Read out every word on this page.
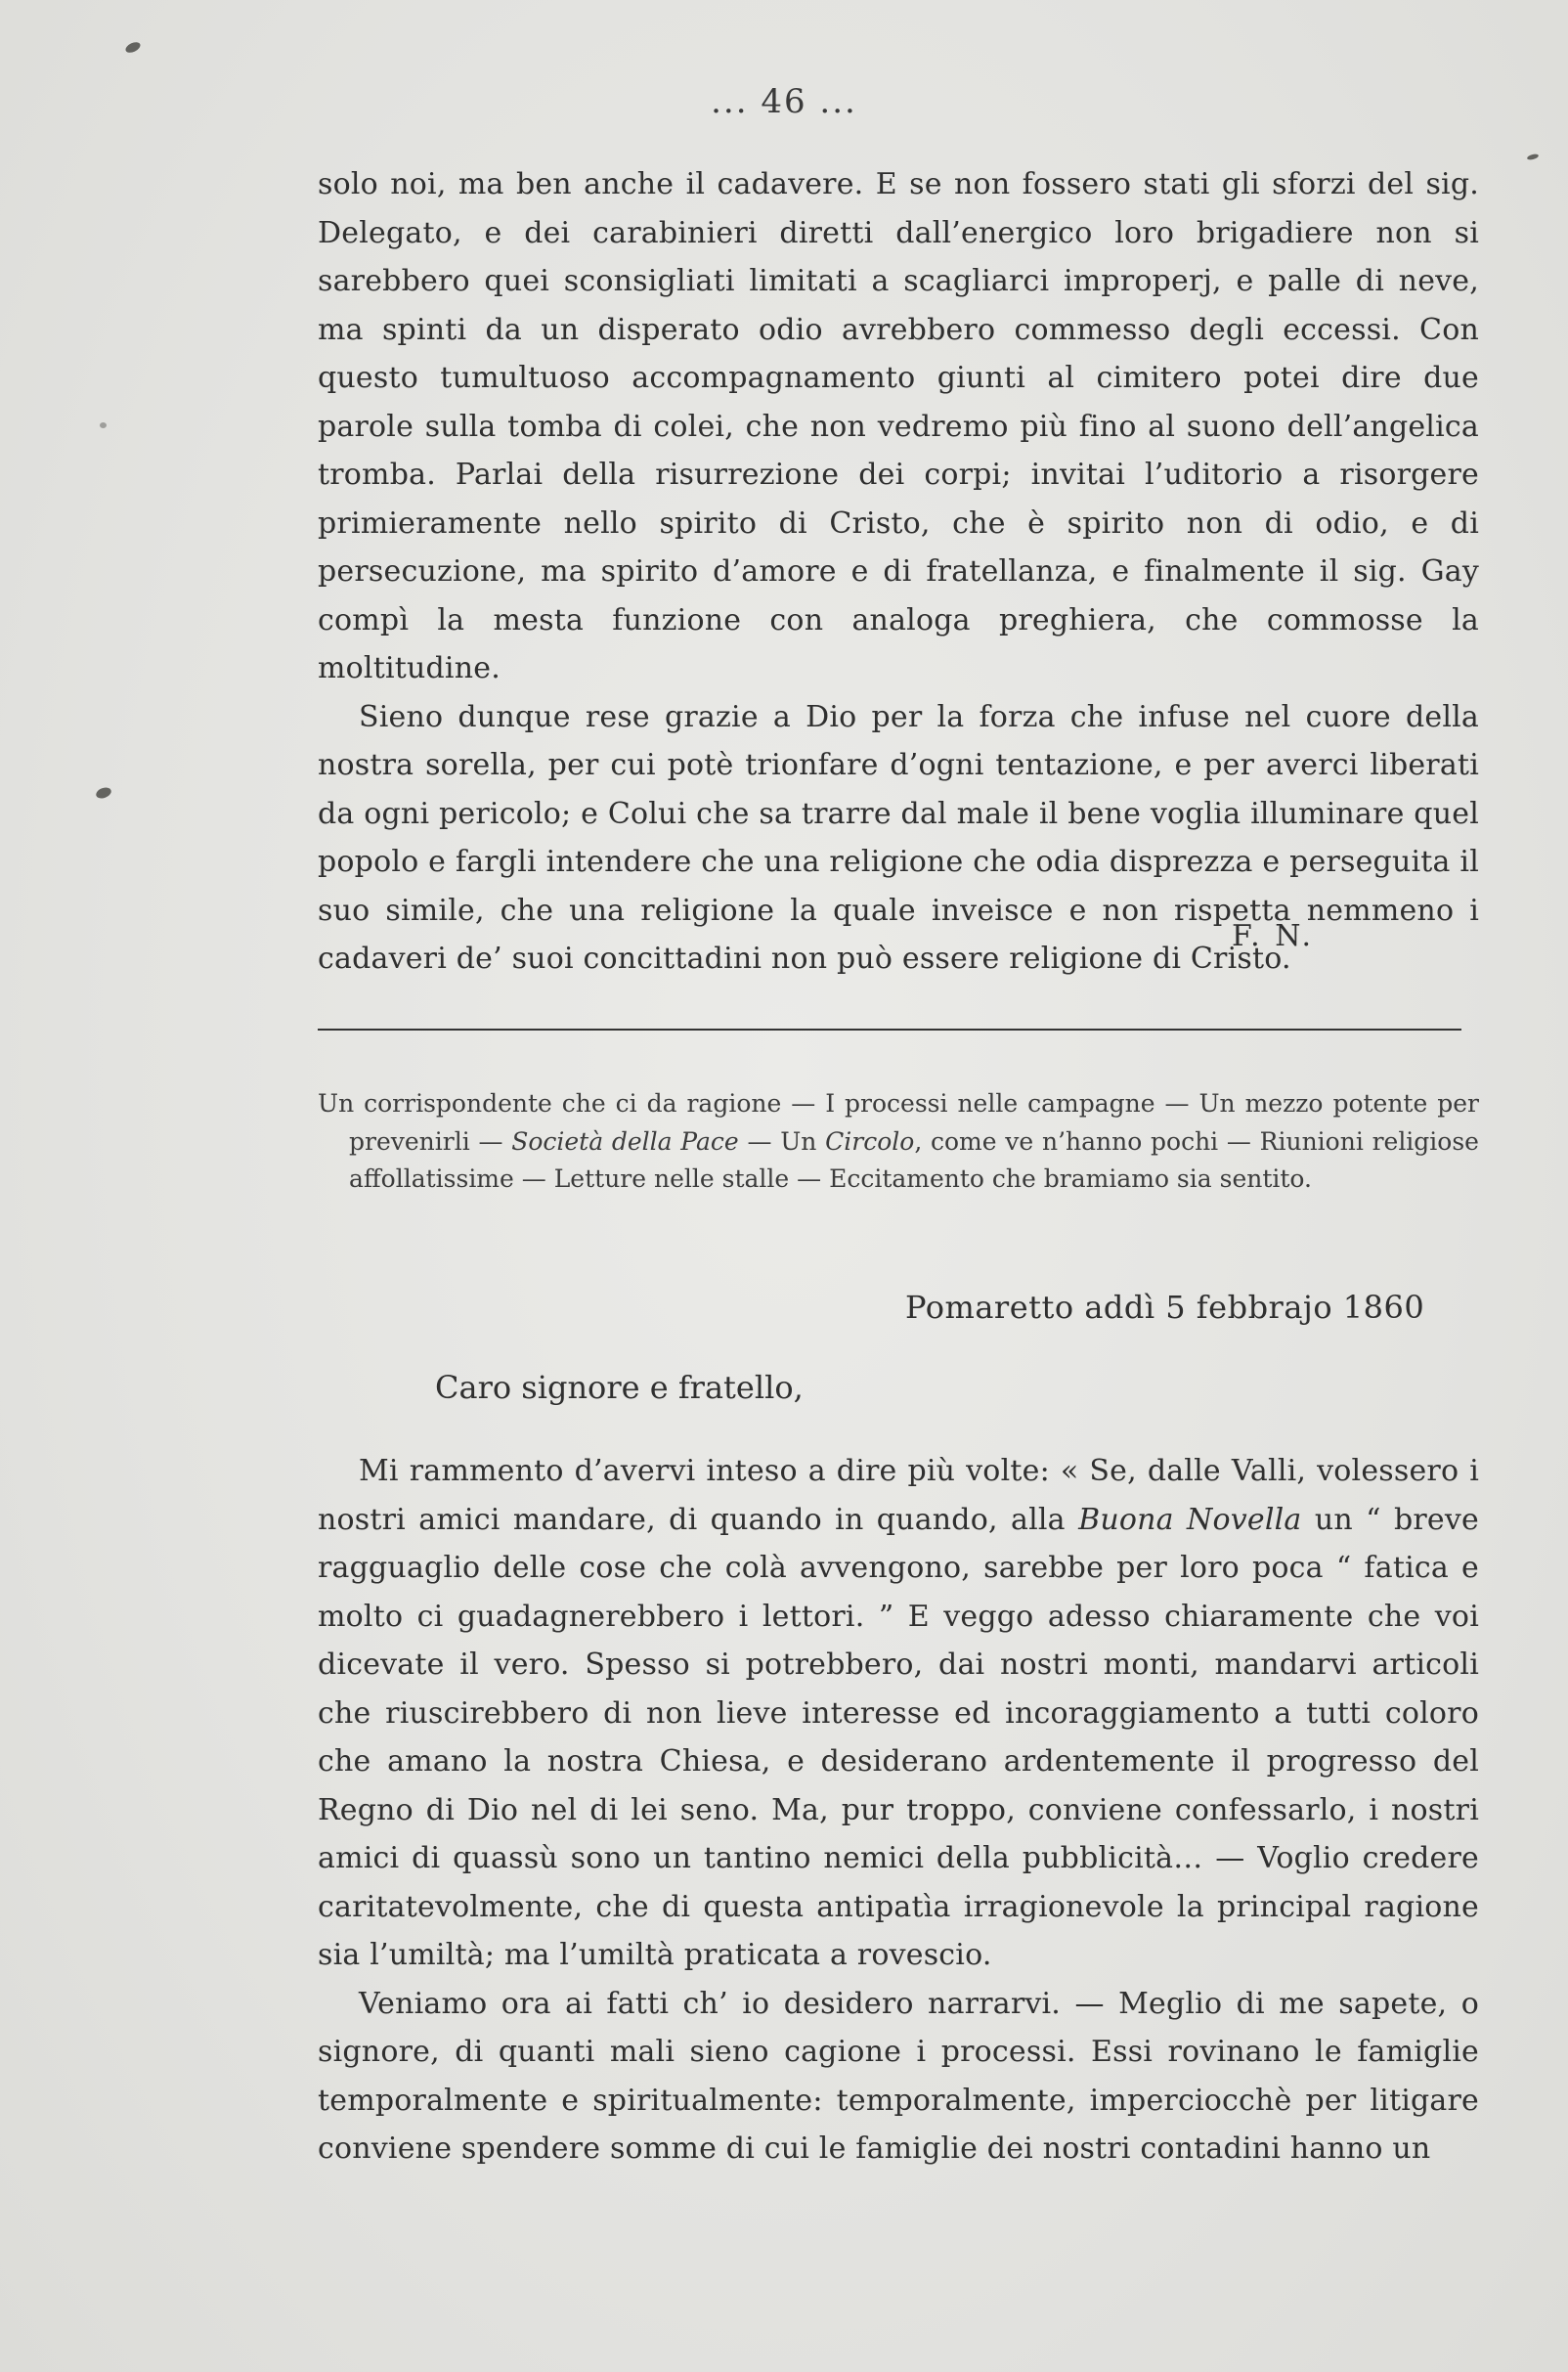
... 46 ...

solo noi, ma ben anche il cadavere. E se non fossero stati gli sforzi del sig. Delegato, e dei carabinieri diretti dall’energico loro brigadiere non si sarebbero quei sconsigliati limitati a scagliarci improperj, e palle di neve, ma spinti da un disperato odio avrebbero commesso degli eccessi. Con questo tumultuoso accompagnamento giunti al cimitero potei dire due parole sulla tomba di colei, che non vedremo più fino al suono dell’angelica tromba. Parlai della risurrezione dei corpi; invitai l’uditorio a risorgere primieramente nello spirito di Cristo, che è spirito non di odio, e di persecuzione, ma spirito d’amore e di fratellanza, e finalmente il sig. Gay compì la mesta funzione con analoga preghiera, che commosse la moltitudine.

Sieno dunque rese grazie a Dio per la forza che infuse nel cuore della nostra sorella, per cui potè trionfare d’ogni tentazione, e per averci liberati da ogni pericolo; e Colui che sa trarre dal male il bene voglia illuminare quel popolo e fargli intendere che una religione che odia disprezza e perseguita il suo simile, che una religione la quale inveisce e non rispetta nemmeno i cadaveri de’ suoi concittadini non può essere religione di Cristo.

F. N.

Un corrispondente che ci da ragione — I processi nelle campagne — Un mezzo potente per prevenirli — Società della Pace — Un Circolo, come ve n’hanno pochi — Riunioni religiose affollatissime — Letture nelle stalle — Eccitamento che bramiamo sia sentito.

Pomaretto addì 5 febbrajo 1860
Caro signore e fratello,

Mi rammento d’avervi inteso a dire più volte: « Se, dalle Valli, volessero i nostri amici mandare, di quando in quando, alla Buona Novella un “ breve ragguaglio delle cose che colà avvengono, sarebbe per loro poca “ fatica e molto ci guadagnerebbero i lettori. ” E veggo adesso chiaramente che voi dicevate il vero. Spesso si potrebbero, dai nostri monti, mandarvi articoli che riuscirebbero di non lieve interesse ed incoraggiamento a tutti coloro che amano la nostra Chiesa, e desiderano ardentemente il progresso del Regno di Dio nel di lei seno. Ma, pur troppo, conviene confessarlo, i nostri amici di quassù sono un tantino nemici della pubblicità… — Voglio credere caritatevolmente, che di questa antipatìa irragionevole la principal ragione sia l’umiltà; ma l’umiltà praticata a rovescio.

Veniamo ora ai fatti ch’ io desidero narrarvi. — Meglio di me sapete, o signore, di quanti mali sieno cagione i processi. Essi rovinano le famiglie temporalmente e spiritualmente: temporalmente, imperciocchè per litigare conviene spendere somme di cui le famiglie dei nostri contadini hanno un
